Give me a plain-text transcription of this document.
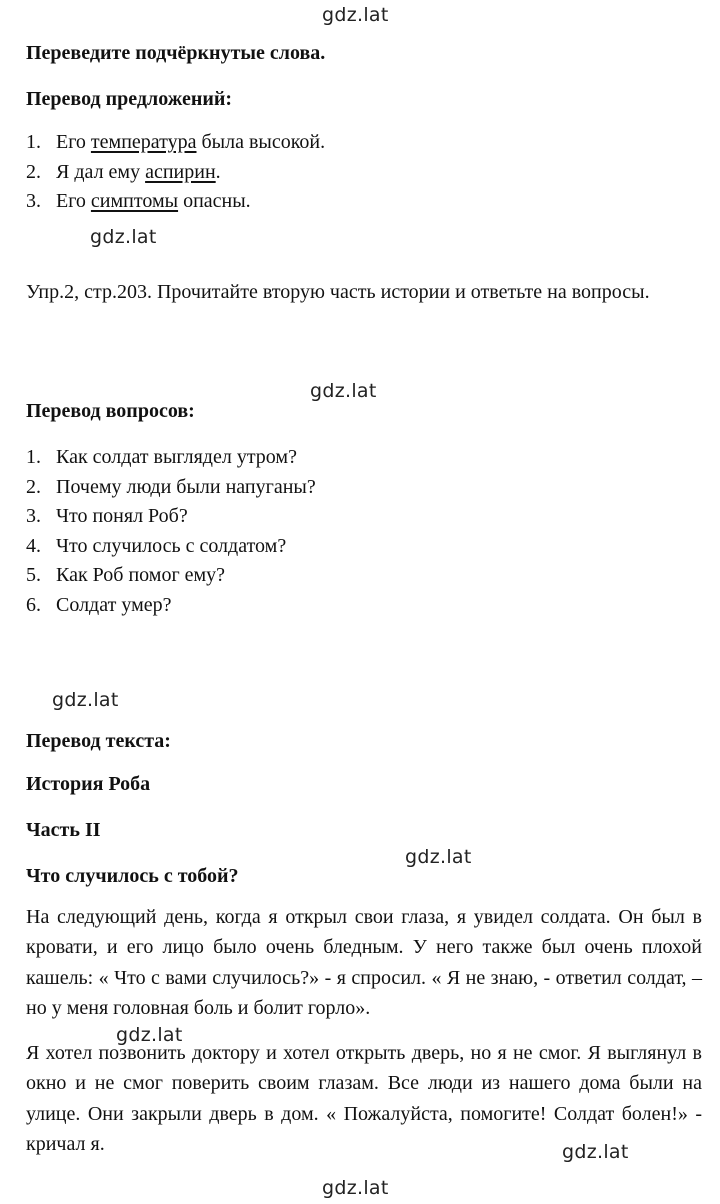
gdz.lat
gdz.lat
gdz.lat
gdz.lat
gdz.lat
gdz.lat
gdz.lat
gdz.lat
Переведите подчёркнутые слова.
Перевод предложений:
1. Его температура была высокой.
2. Я дал ему аспирин.
3. Его симптомы опасны.
Упр.2, стр.203. Прочитайте вторую часть истории и ответьте на вопросы.
Перевод вопросов:
1. Как солдат выглядел утром?
2. Почему люди были напуганы?
3. Что понял Роб?
4. Что случилось с солдатом?
5. Как Роб помог ему?
6. Солдат умер?
Перевод текста:
История Роба
Часть II
Что случилось с тобой?
На следующий день, когда я открыл свои глаза, я увидел солдата. Он был в кровати, и его лицо было очень бледным. У него также был очень плохой кашель: « Что с вами случилось?» - я спросил. « Я не знаю, - ответил солдат, – но у меня головная боль и болит горло».
Я хотел позвонить доктору и хотел открыть дверь, но я не смог. Я выглянул в окно и не смог поверить своим глазам. Все люди из нашего дома были на улице. Они закрыли дверь в дом. « Пожалуйста, помогите! Солдат болен!» - кричал я.
